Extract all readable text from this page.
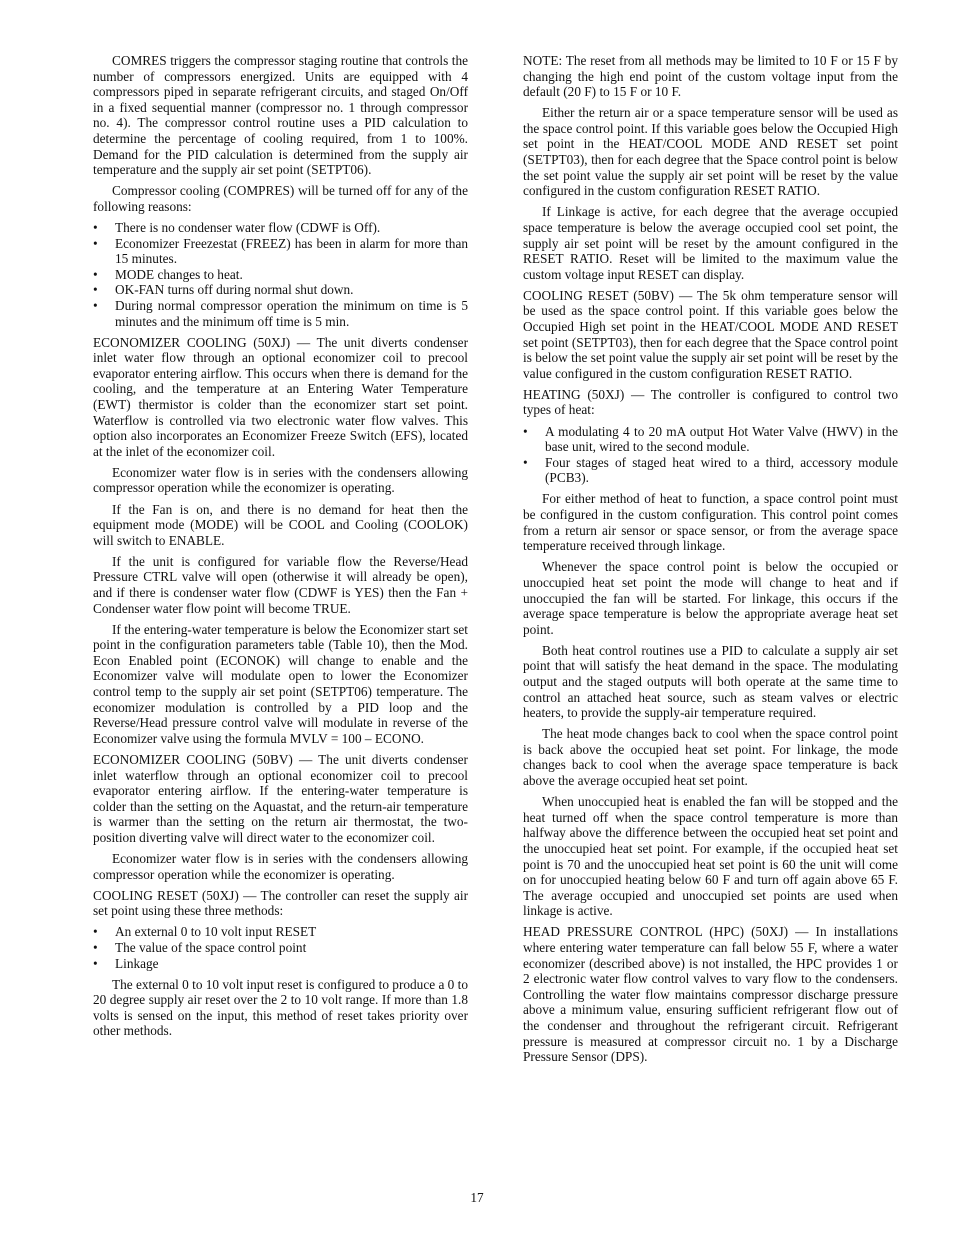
COMRES triggers the compressor staging routine that controls the number of compressors energized. Units are equipped with 4 compressors piped in separate refrigerant circuits, and staged On/Off in a fixed sequential manner (compressor no. 1 through compressor no. 4). The compressor control routine uses a PID calculation to determine the percentage of cooling required, from 1 to 100%. Demand for the PID calculation is determined from the supply air temperature and the supply air set point (SETPT06).

Compressor cooling (COMPRES) will be turned off for any of the following reasons:

• There is no condenser water flow (CDWF is Off).
• Economizer Freezestat (FREEZ) has been in alarm for more than 15 minutes.
• MODE changes to heat.
• OK-FAN turns off during normal shut down.
• During normal compressor operation the minimum on time is 5 minutes and the minimum off time is 5 min.

ECONOMIZER COOLING (50XJ) — The unit diverts condenser inlet water flow through an optional economizer coil to precool evaporator entering airflow. This occurs when there is demand for the cooling, and the temperature at an Entering Water Temperature (EWT) thermistor is colder than the economizer start set point. Waterflow is controlled via two electronic water flow valves. This option also incorporates an Economizer Freeze Switch (EFS), located at the inlet of the economizer coil.

Economizer water flow is in series with the condensers allowing compressor operation while the economizer is operating.

If the Fan is on, and there is no demand for heat then the equipment mode (MODE) will be COOL and Cooling (COOLOK) will switch to ENABLE.

If the unit is configured for variable flow the Reverse/Head Pressure CTRL valve will open (otherwise it will already be open), and if there is condenser water flow (CDWF is YES) then the Fan + Condenser water flow point will become TRUE.

If the entering-water temperature is below the Economizer start set point in the configuration parameters table (Table 10), then the Mod. Econ Enabled point (ECONOK) will change to enable and the Economizer valve will modulate open to lower the Economizer control temp to the supply air set point (SETPT06) temperature. The economizer modulation is controlled by a PID loop and the Reverse/Head pressure control valve will modulate in reverse of the Economizer valve using the formula MVLV = 100 – ECONO.

ECONOMIZER COOLING (50BV) — The unit diverts condenser inlet waterflow through an optional economizer coil to precool evaporator entering airflow. If the entering-water temperature is colder than the setting on the Aquastat, and the return-air temperature is warmer than the setting on the return air thermostat, the two-position diverting valve will direct water to the economizer coil.

Economizer water flow is in series with the condensers allowing compressor operation while the economizer is operating.

COOLING RESET (50XJ) — The controller can reset the supply air set point using these three methods:

• An external 0 to 10 volt input RESET
• The value of the space control point
• Linkage

The external 0 to 10 volt input reset is configured to produce a 0 to 20 degree supply air reset over the 2 to 10 volt range. If more than 1.8 volts is sensed on the input, this method of reset takes priority over other methods.

NOTE: The reset from all methods may be limited to 10 F or 15 F by changing the high end point of the custom voltage input from the default (20 F) to 15 F or 10 F.

Either the return air or a space temperature sensor will be used as the space control point. If this variable goes below the Occupied High set point in the HEAT/COOL MODE AND RESET set point (SETPT03), then for each degree that the Space control point is below the set point value the supply air set point will be reset by the value configured in the custom configuration RESET RATIO.

If Linkage is active, for each degree that the average occupied space temperature is below the average occupied cool set point, the supply air set point will be reset by the amount configured in the RESET RATIO. Reset will be limited to the maximum value the custom voltage input RESET can display.

COOLING RESET (50BV) — The 5k ohm temperature sensor will be used as the space control point. If this variable goes below the Occupied High set point in the HEAT/COOL MODE AND RESET set point (SETPT03), then for each degree that the Space control point is below the set point value the supply air set point will be reset by the value configured in the custom configuration RESET RATIO.

HEATING (50XJ) — The controller is configured to control two types of heat:

• A modulating 4 to 20 mA output Hot Water Valve (HWV) in the base unit, wired to the second module.
• Four stages of staged heat wired to a third, accessory module (PCB3).

For either method of heat to function, a space control point must be configured in the custom configuration. This control point comes from a return air sensor or space sensor, or from the average space temperature received through linkage.

Whenever the space control point is below the occupied or unoccupied heat set point the mode will change to heat and if unoccupied the fan will be started. For linkage, this occurs if the average space temperature is below the appropriate average heat set point.

Both heat control routines use a PID to calculate a supply air set point that will satisfy the heat demand in the space. The modulating output and the staged outputs will both operate at the same time to control an attached heat source, such as steam valves or electric heaters, to provide the supply-air temperature required.

The heat mode changes back to cool when the space control point is back above the occupied heat set point. For linkage, the mode changes back to cool when the average space temperature is back above the average occupied heat set point.

When unoccupied heat is enabled the fan will be stopped and the heat turned off when the space control temperature is more than halfway above the difference between the occupied heat set point and the unoccupied heat set point. For example, if the occupied heat set point is 70 and the unoccupied heat set point is 60 the unit will come on for unoccupied heating below 60 F and turn off again above 65 F. The average occupied and unoccupied set points are used when linkage is active.

HEAD PRESSURE CONTROL (HPC) (50XJ) — In installations where entering water temperature can fall below 55 F, where a water economizer (described above) is not installed, the HPC provides 1 or 2 electronic water flow control valves to vary flow to the condensers. Controlling the water flow maintains compressor discharge pressure above a minimum value, ensuring sufficient refrigerant flow out of the condenser and throughout the refrigerant circuit. Refrigerant pressure is measured at compressor circuit no. 1 by a Discharge Pressure Sensor (DPS).

17
